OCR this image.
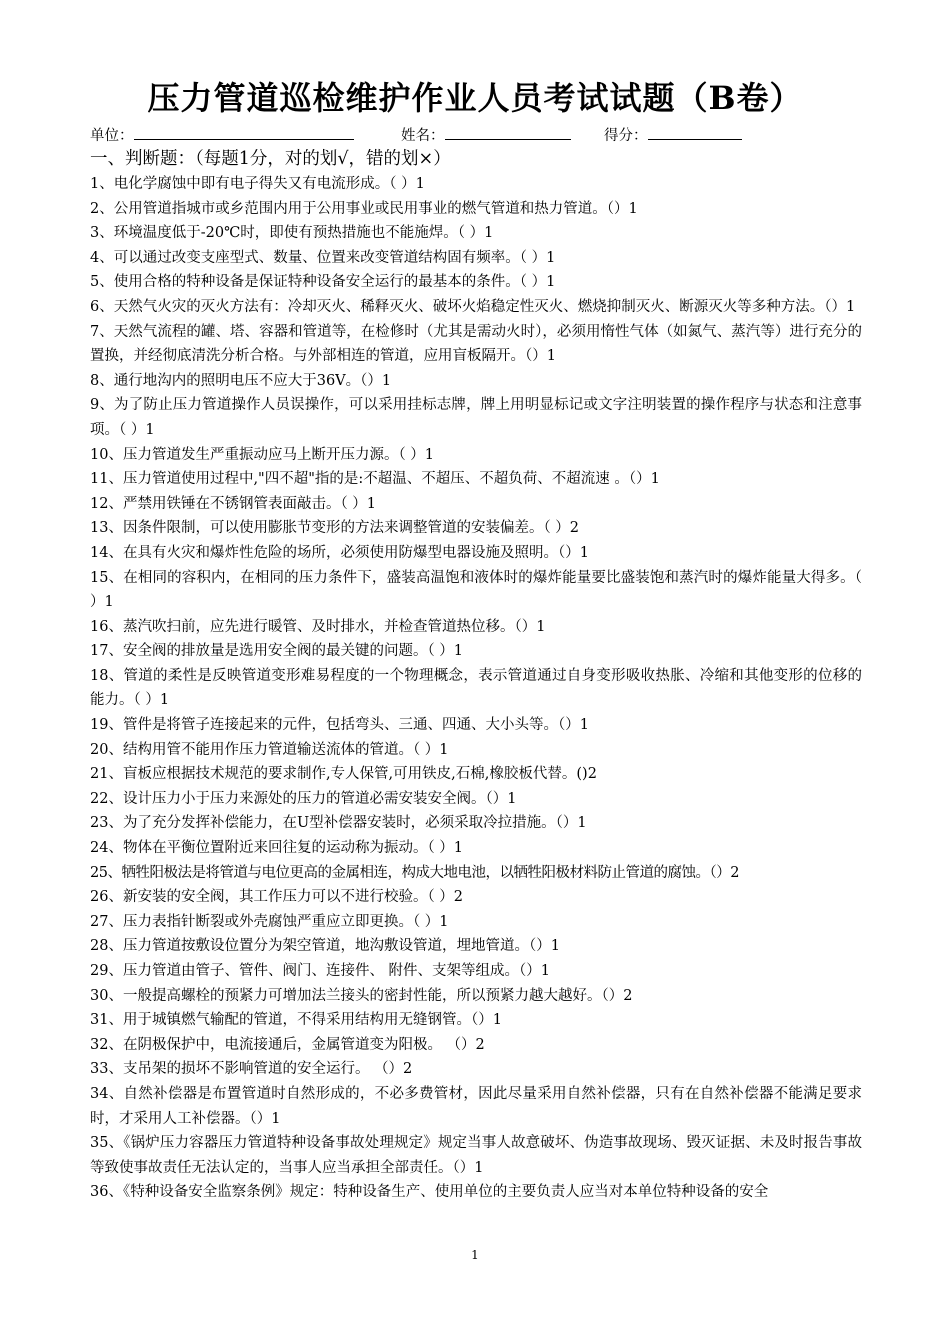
压力管道巡检维护作业人员考试试题（B卷）
单位：	姓名：	得分：
一、判断题：（每题1分，对的划√，错的划×）

1、电化学腐蚀中即有电子得失又有电流形成。（ ）1

2、公用管道指城市或乡范围内用于公用事业或民用事业的燃气管道和热力管道。（）1

3、环境温度低于-20℃时，即使有预热措施也不能施焊。（ ）1

4、可以通过改变支座型式、数量、位置来改变管道结构固有频率。（ ）1

5、使用合格的特种设备是保证特种设备安全运行的最基本的条件。（ ）1

6、天然气火灾的灭火方法有：冷却灭火、稀释灭火、破坏火焰稳定性灭火、燃烧抑制灭火、断源灭火等多种方法。（）1

7、天然气流程的罐、塔、容器和管道等，在检修时（尤其是需动火时），必须用惰性气体（如氮气、蒸汽等）进行充分的置换，并经彻底清洗分析合格。与外部相连的管道，应用盲板隔开。（）1

8、通行地沟内的照明电压不应大于36V。（）1

9、为了防止压力管道操作人员误操作，可以采用挂标志牌，牌上用明显标记或文字注明装置的操作程序与状态和注意事项。（ ）1

10、压力管道发生严重振动应马上断开压力源。（ ）1

11、压力管道使用过程中,"四不超"指的是:不超温、不超压、不超负荷、不超流速 。（）1

12、严禁用铁锤在不锈钢管表面敲击。（ ）1

13、因条件限制，可以使用膨胀节变形的方法来调整管道的安装偏差。（ ）2

14、在具有火灾和爆炸性危险的场所，必须使用防爆型电器设施及照明。（）1

15、在相同的容积内，在相同的压力条件下，盛装高温饱和液体时的爆炸能量要比盛装饱和蒸汽时的爆炸能量大得多。（ ）1

16、蒸汽吹扫前，应先进行暖管、及时排水，并检查管道热位移。（）1

17、安全阀的排放量是选用安全阀的最关键的问题。（ ）1

18、管道的柔性是反映管道变形难易程度的一个物理概念，表示管道通过自身变形吸收热胀、冷缩和其他变形的位移的能力。（ ）1

19、管件是将管子连接起来的元件，包括弯头、三通、四通、大小头等。（）1

20、结构用管不能用作压力管道输送流体的管道。（ ）1

21、盲板应根据技术规范的要求制作,专人保管,可用铁皮,石棉,橡胶板代替。()2

22、设计压力小于压力来源处的压力的管道必需安装安全阀。（）1

23、为了充分发挥补偿能力，在U型补偿器安装时，必须采取冷拉措施。（）1

24、物体在平衡位置附近来回往复的运动称为振动。（ ）1

25、牺牲阳极法是将管道与电位更高的金属相连，构成大地电池，以牺牲阳极材料防止管道的腐蚀。（）2

26、新安装的安全阀，其工作压力可以不进行校验。（ ）2

27、压力表指针断裂或外壳腐蚀严重应立即更换。（ ）1

28、压力管道按敷设位置分为架空管道，地沟敷设管道，埋地管道。（）1

29、压力管道由管子、管件、阀门、连接件、 附件、支架等组成。（）1

30、一般提高螺栓的预紧力可增加法兰接头的密封性能，所以预紧力越大越好。（）2

31、用于城镇燃气输配的管道，不得采用结构用无缝钢管。（）1

32、在阴极保护中，电流接通后，金属管道变为阳极。 （）2

33、支吊架的损坏不影响管道的安全运行。 （）2

34、自然补偿器是布置管道时自然形成的，不必多费管材，因此尽量采用自然补偿器，只有在自然补偿器不能满足要求时，才采用人工补偿器。（）1

35、《锅炉压力容器压力管道特种设备事故处理规定》规定当事人故意破坏、伪造事故现场、毁灭证据、未及时报告事故等致使事故责任无法认定的，当事人应当承担全部责任。（）1

36、《特种设备安全监察条例》规定：特种设备生产、使用单位的主要负责人应当对本单位特种设备的安全

1
